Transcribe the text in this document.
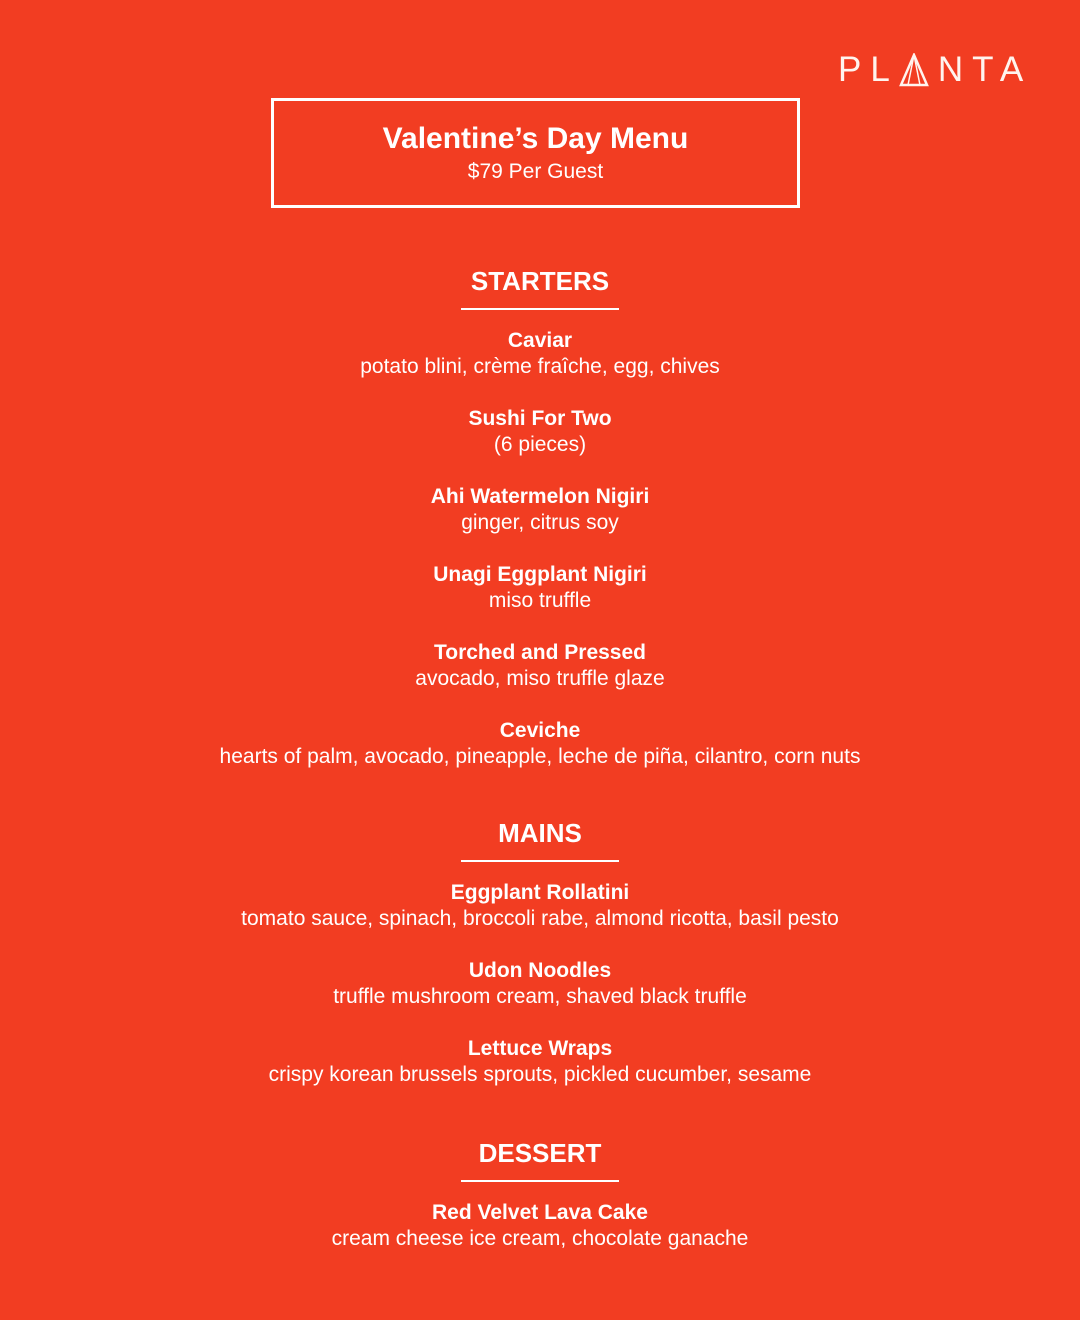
PL NTA
Valentine’s Day Menu
$79 Per Guest
STARTERS
Caviar
potato blini, crème fraîche, egg, chives
Sushi For Two
(6 pieces)
Ahi Watermelon Nigiri
ginger, citrus soy
Unagi Eggplant Nigiri
miso truffle
Torched and Pressed
avocado, miso truffle glaze
Ceviche
hearts of palm, avocado, pineapple, leche de piña, cilantro, corn nuts
MAINS
Eggplant Rollatini
tomato sauce, spinach, broccoli rabe, almond ricotta, basil pesto
Udon Noodles
truffle mushroom cream, shaved black truffle
Lettuce Wraps
crispy korean brussels sprouts, pickled cucumber, sesame
DESSERT
Red Velvet Lava Cake
cream cheese ice cream, chocolate ganache
